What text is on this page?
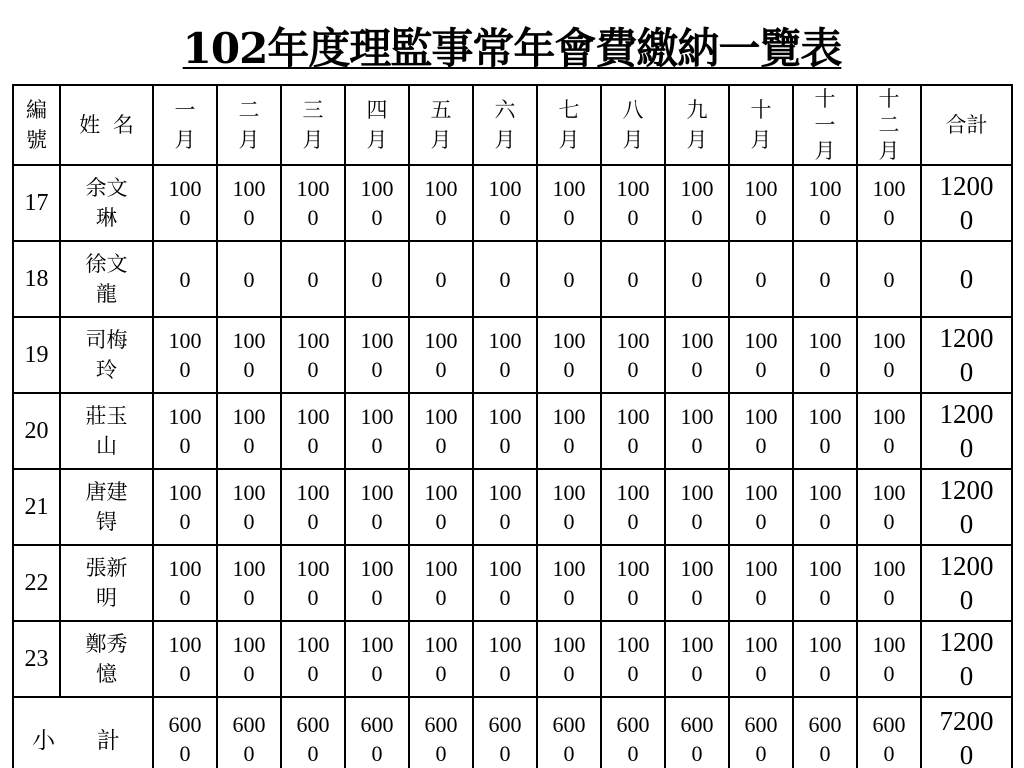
102年度理監事常年會費繳納一覽表
編號	姓 名	一月	二月	三月	四月	五月	六月	七月	八月	九月	十月	十一月	十二月	合計
17	余文琳	1000	1000	1000	1000	1000	1000	1000	1000	1000	1000	1000	1000	12000
18	徐文龍	0	0	0	0	0	0	0	0	0	0	0	0	0
19	司梅玲	1000	1000	1000	1000	1000	1000	1000	1000	1000	1000	1000	1000	12000
20	莊玉山	1000	1000	1000	1000	1000	1000	1000	1000	1000	1000	1000	1000	12000
21	唐建锝	1000	1000	1000	1000	1000	1000	1000	1000	1000	1000	1000	1000	12000
22	張新明	1000	1000	1000	1000	1000	1000	1000	1000	1000	1000	1000	1000	12000
23	鄭秀憶	1000	1000	1000	1000	1000	1000	1000	1000	1000	1000	1000	1000	12000
小 計		6000	6000	6000	6000	6000	6000	6000	6000	6000	6000	6000	6000	72000
